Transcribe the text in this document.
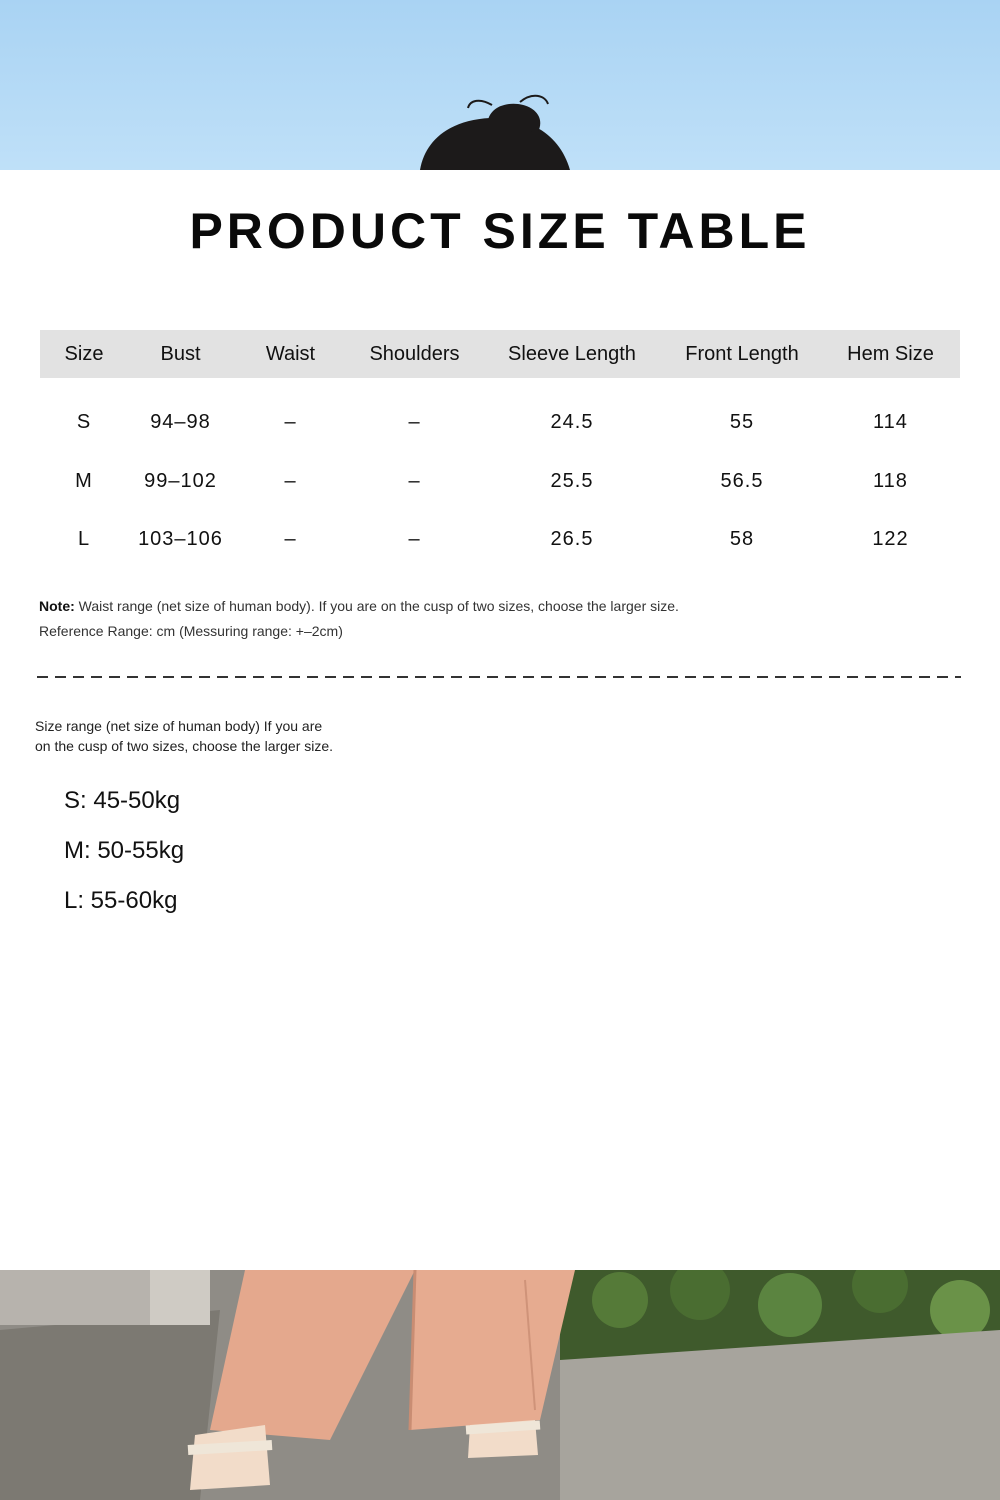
PRODUCT SIZE TABLE
Size	Bust	Waist	Shoulders	Sleeve Length	Front Length	Hem Size
S	94–98	–	–	24.5	55	114
M	99–102	–	–	25.5	56.5	118
L	103–106	–	–	26.5	58	122
Note: Waist range (net size of human body). If you are on the cusp of two sizes, choose the larger size.
Reference Range: cm (Messuring range: +–2cm)
Size range (net size of human body) If you are
on the cusp of two sizes, choose the larger size.
S: 45-50kg
M: 50-55kg
L: 55-60kg
